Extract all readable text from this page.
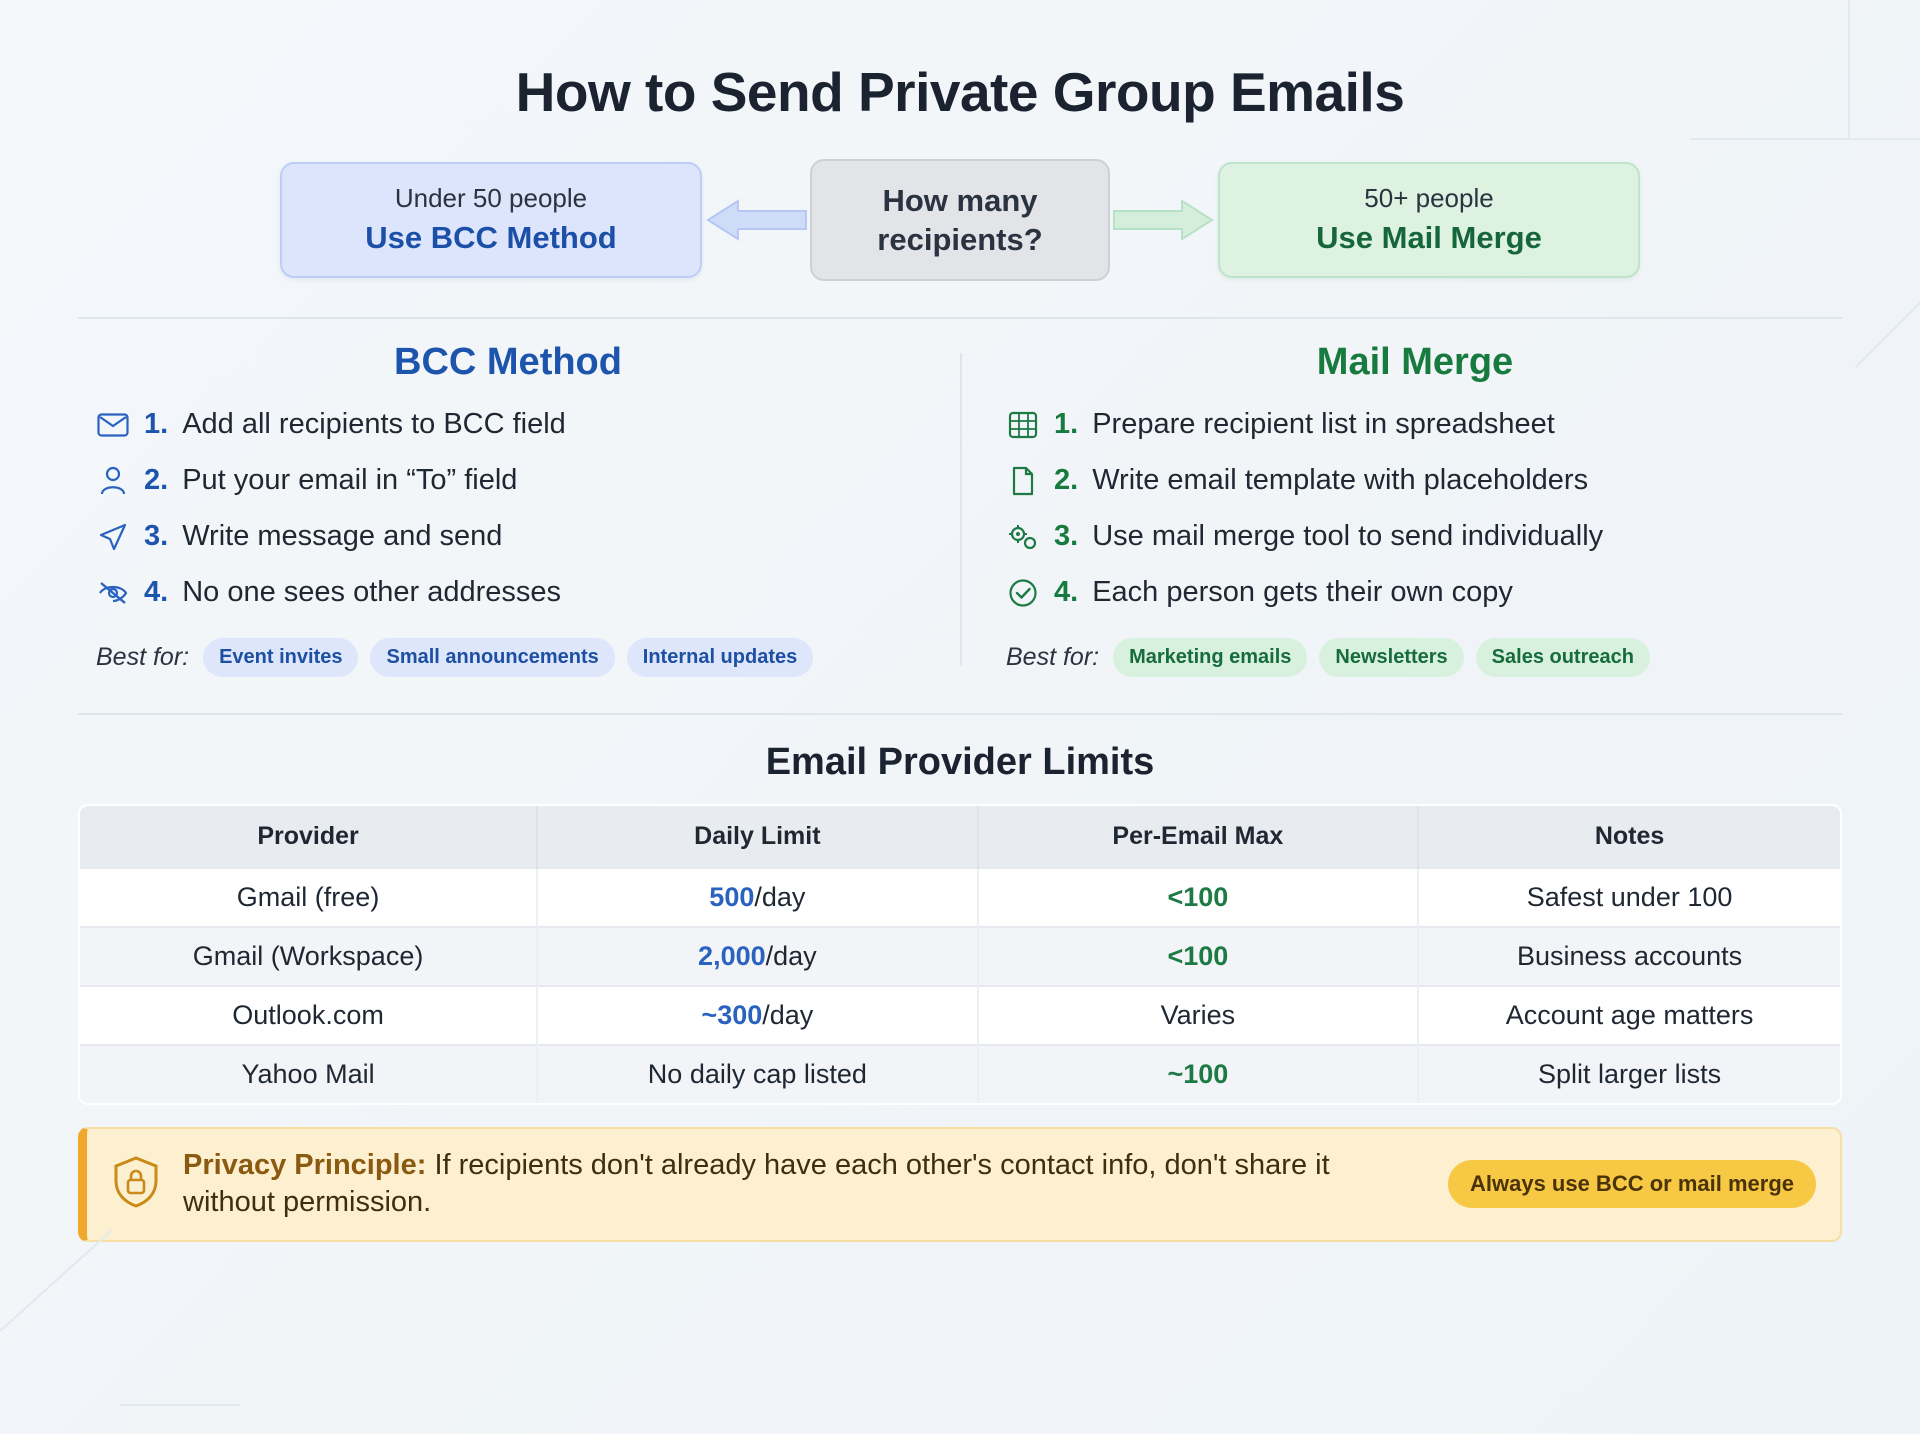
How to Send Private Group Emails
Under 50 people
Use BCC Method
How many
recipients?
50+ people
Use Mail Merge
BCC Method
1. Add all recipients to BCC field
2. Put your email in “To” field
3. Write message and send
4. No one sees other addresses
Best for:	Event invites	Small announcements	Internal updates
Mail Merge
1. Prepare recipient list in spreadsheet
2. Write email template with placeholders
3. Use mail merge tool to send individually
4. Each person gets their own copy
Best for:	Marketing emails	Newsletters	Sales outreach
Email Provider Limits
Provider	Daily Limit	Per-Email Max	Notes
Gmail (free)	500/day	<100	Safest under 100
Gmail (Workspace)	2,000/day	<100	Business accounts
Outlook.com	~300/day	Varies	Account age matters
Yahoo Mail	No daily cap listed	~100	Split larger lists
Privacy Principle: If recipients don't already have each other's contact info, don't share it without permission.
Always use BCC or mail merge
